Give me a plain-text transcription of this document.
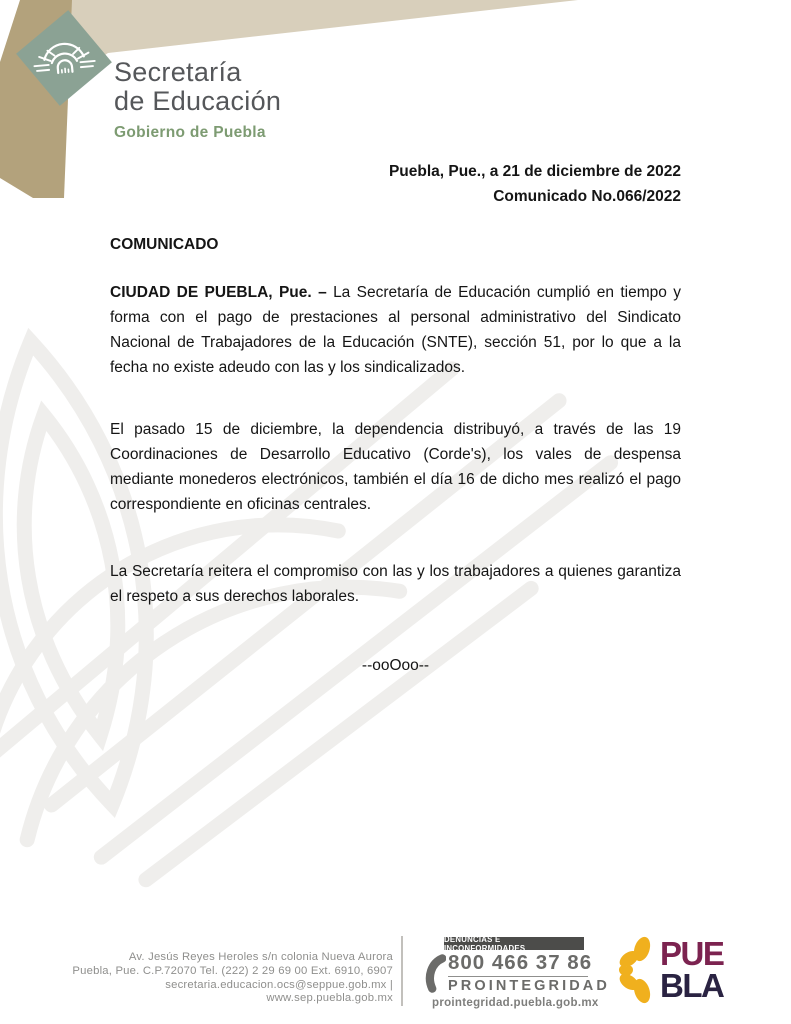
Secretaría
de Educación
Gobierno de Puebla
Puebla, Pue., a 21 de diciembre de 2022
Comunicado No.066/2022
COMUNICADO

CIUDAD DE PUEBLA, Pue. – La Secretaría de Educación cumplió en tiempo y forma con el pago de prestaciones al personal administrativo del Sindicato Nacional de Trabajadores de la Educación (SNTE), sección 51, por lo que a la fecha no existe adeudo con las y los sindicalizados.

El pasado 15 de diciembre, la dependencia distribuyó, a través de las 19 Coordinaciones de Desarrollo Educativo (Corde's), los vales de despensa mediante monederos electrónicos, también el día 16 de dicho mes realizó el pago correspondiente en oficinas centrales.

La Secretaría reitera el compromiso con las y los trabajadores a quienes garantiza el respeto a sus derechos laborales.

--ooOoo--
Av. Jesús Reyes Heroles s/n colonia Nueva Aurora
Puebla, Pue. C.P.72070 Tel. (222) 2 29 69 00 Ext. 6910, 6907
secretaria.educacion.ocs@seppue.gob.mx | www.sep.puebla.gob.mx
DENUNCIAS E INCONFORMIDADES
800 466 37 86
PROINTEGRIDAD
prointegridad.puebla.gob.mx
PUE
BLA
